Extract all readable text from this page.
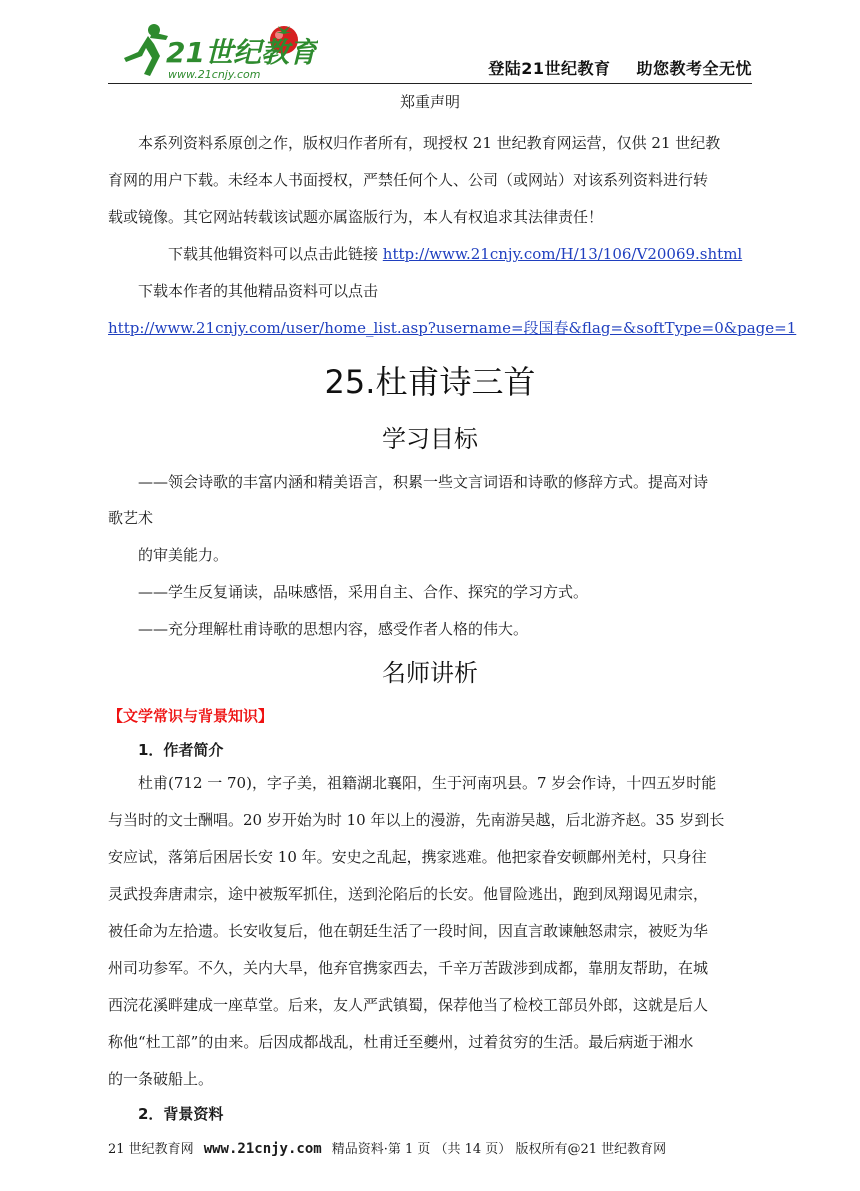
21世纪教育
www.21cnjy.com	登陆21世纪教育 助您教考全无忧
郑重声明
本系列资料系原创之作，版权归作者所有，现授权 21 世纪教育网运营，仅供 21 世纪教
育网的用户下载。未经本人书面授权，严禁任何个人、公司（或网站）对该系列资料进行转
载或镜像。其它网站转载该试题亦属盗版行为，本人有权追求其法律责任！
下载其他辑资料可以点击此链接 http://www.21cnjy.com/H/13/106/V20069.shtml
下载本作者的其他精品资料可以点击
http://www.21cnjy.com/user/home_list.asp?username=段国春&flag=&softType=0&page=1
25.杜甫诗三首
学习目标
——领会诗歌的丰富内涵和精美语言，积累一些文言词语和诗歌的修辞方式。提高对诗
歌艺术
的审美能力。
——学生反复诵读，品味感悟，采用自主、合作、探究的学习方式。
——充分理解杜甫诗歌的思想内容，感受作者人格的伟大。
名师讲析
【文学常识与背景知识】
1．作者简介
杜甫(712 一 70)，字子美，祖籍湖北襄阳，生于河南巩县。7 岁会作诗，十四五岁时能
与当时的文士酬唱。20 岁开始为时 10 年以上的漫游，先南游吴越，后北游齐赵。35 岁到长
安应试，落第后困居长安 10 年。安史之乱起，携家逃难。他把家眷安顿鄜州羌村，只身往
灵武投奔唐肃宗，途中被叛军抓住，送到沦陷后的长安。他冒险逃出，跑到凤翔谒见肃宗，
被任命为左拾遗。长安收复后，他在朝廷生活了一段时间，因直言敢谏触怒肃宗，被贬为华
州司功参军。不久，关内大旱，他弃官携家西去，千辛万苦跋涉到成都，靠朋友帮助，在城
西浣花溪畔建成一座草堂。后来，友人严武镇蜀，保荐他当了检校工部员外郎，这就是后人
称他“杜工部”的由来。后因成都战乱，杜甫迁至夔州，过着贫穷的生活。最后病逝于湘水
的一条破船上。
2．背景资料
21 世纪教育网 www.21cnjy.com 精品资料·第 1 页 （共 14 页） 版权所有@21 世纪教育网
